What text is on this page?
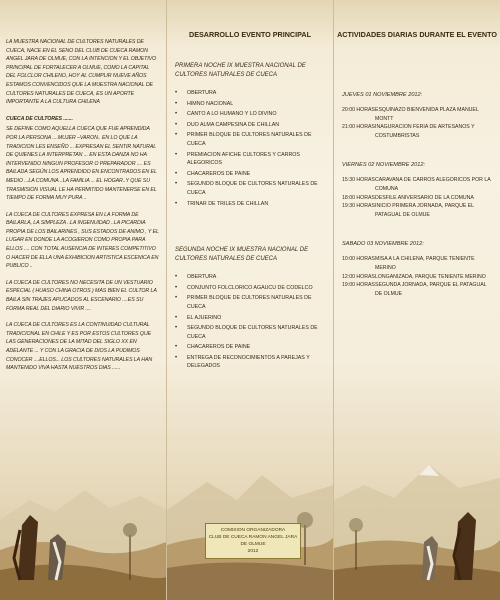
LA MUESTRA NACIONAL DE CULTORES NATURALES DE CUECA, NACE EN EL SENO DEL CLUB DE CUECA RAMON ANGEL JARA DE OLMUE, CON LA INTENCION Y EL OBJETIVO PRINCIPAL DE FORTALECER A OLMUE, COMO LA CAPITAL DEL FOLCLOR CHILENO, HOY AL CUMPLIR NUEVE AÑOS ESTAMOS CONVENCIDOS QUE LA MUESTRA NACIONAL DE CULTORES NATURALES DE CUECA, ES UN APORTE IMPORTANTE A LA CULTURA CHILENA

CUECA DE CULTORES .......

SE DEFINE COMO AQUELLA CUECA QUE FUE APRENDIDA POR LA PERSONA ....MUJER –VARON.. EN LO QUE LA TRADICION LES ENSEÑO ... EXPRESAN EL SENTIR NATURAL DE QUIENES LA INTERPRETAN ... EN ESTA DANZA NO HA INTERVENIDO NINGUN PROFESOR O PREPARADOR .... ES BAILADA SEGÚN LOS APRENDIDO EN ENCONTRADOS EN EL MEDIO ...LA COMUNA ..LA FAMILIA ... EL HOGAR..Y QUE SU TRASMISION VISUAL LE HA PERMITIDO MANTENERSE EN EL TIEMPO DE FORMA MUY PURA ..

LA CUECA DE CULTORES EXPRESA EN LA FORMA DE BAILARLA, LA SIMPLEZA ..LA INGENUIDAD ..LA PICARDIA PROPIA DE LOS BAILARINES , SUS ESTADOS DE ANIMO , Y EL LUGAR EN DONDE LA ACOGIERON COMO PROPIA PARA ELLOS .... CON TOTAL AUSENCIA DE INTERES COMPETITIVO O HACER DE ELLA UNA EXHIBICION ARTISTICA ESCENICA EN PUBLICO ..

LA CUECA DE CULTORES NO NECESITA DE UN VESTUARIO ESPECIAL ( HUASO CHINA OTROS ) MAS BIEN EL CULTOR LA BAILA SIN TRAJES APLICADOS AL ESCENARIO ....ES SU FORMA REAL DEL DIARIO VIVIR ....

LA CUECA DE CULTORES ES LA CONTINUIDAD CULTURAL TRADICIONAL EN CHILE Y ES POR ESTOS CULTORES QUE LAS GENERACIONES DE LA MITAD DEL SIGLO XX EN ADELANTE ... Y CON LA GRACIA DE DIOS LA PUDIMOS CONOCER ....ELLOS... LOS CULTORES NATURALES LA HAN MANTENIDO VIVA HASTA NUESTROS DIAS ......

DESARROLLO EVENTO PRINCIPAL
PRIMERA NOCHE IX MUESTRA NACIONAL DE CULTORES NATURALES DE CUECA
• OBERTURA
• HIMNO NACIONAL
• CANTO A LO HUMANO Y LO DIVINO
• DUO ALMA CAMPESINA DE CHILLAN
• PRIMER BLOQUE DE CULTORES NATURALES DE CUECA
• PREMIACION AFICHE CULTORES Y CARROS ALEGORICOS
• CHACAREROS DE PAINE
• SEGUNDO BLOQUE DE CULTORES NATURALES DE CUECA
• TRINAR DE TRILES DE CHILLAN
SEGUNDA NOCHE IX MUESTRA NACIONAL DE CULTORES NATURALES DE CUECA
• OBERTURA
• CONJUNTO FOLCLORICO AGAUCU DE CODELCO
• PRIMER BLOQUE DE CULTORES NATURALES DE CUECA
• EL AJUERINO
• SEGUNDO BLOQUE DE CULTORES NATURALES DE CUECA
• CHACAREROS DE PAINE
• ENTREGA DE RECONOCIMIENTOS A PAREJAS Y DELEGADOS
COMISION ORGANIZADORA
CLUB DE CUECA RAMON ANGEL JARA DE OLMUE
2012
ACTIVIDADES DIARIAS DURANTE EL EVENTO
JUEVES 01 NOVIEMBRE 2012:
20:00 HORAS ESQUINAZO BIENVENIDA PLAZA MANUEL MONTT
21:00 HORAS INAGURACION FERIA DE ARTESANOS Y COSTUMBRISTAS
VIERNES 02 NOVIEMBRE 2012:
15:30 HORAS CARAVANA DE CARROS ALEGORICOS POR LA COMUNA
18:00 HORAS DESFILE ANIVERSARIO DE LA COMUNA
19:30 HORAS INICIO PRIMERA JORNADA, PARQUE EL PATAGUAL DE OLMUE
SABADO 03 NOVIEMBRE 2012:
10:00 HORAS MISA A LA CHILENA, PARQUE TENIENTE MERINO
12:00 HORAS LONGANIZADA, PARQUE TENIENTE MERINO
19:00 HORAS SEGUNDA JORNADA, PARQUE EL PATAGUAL DE OLMUE
